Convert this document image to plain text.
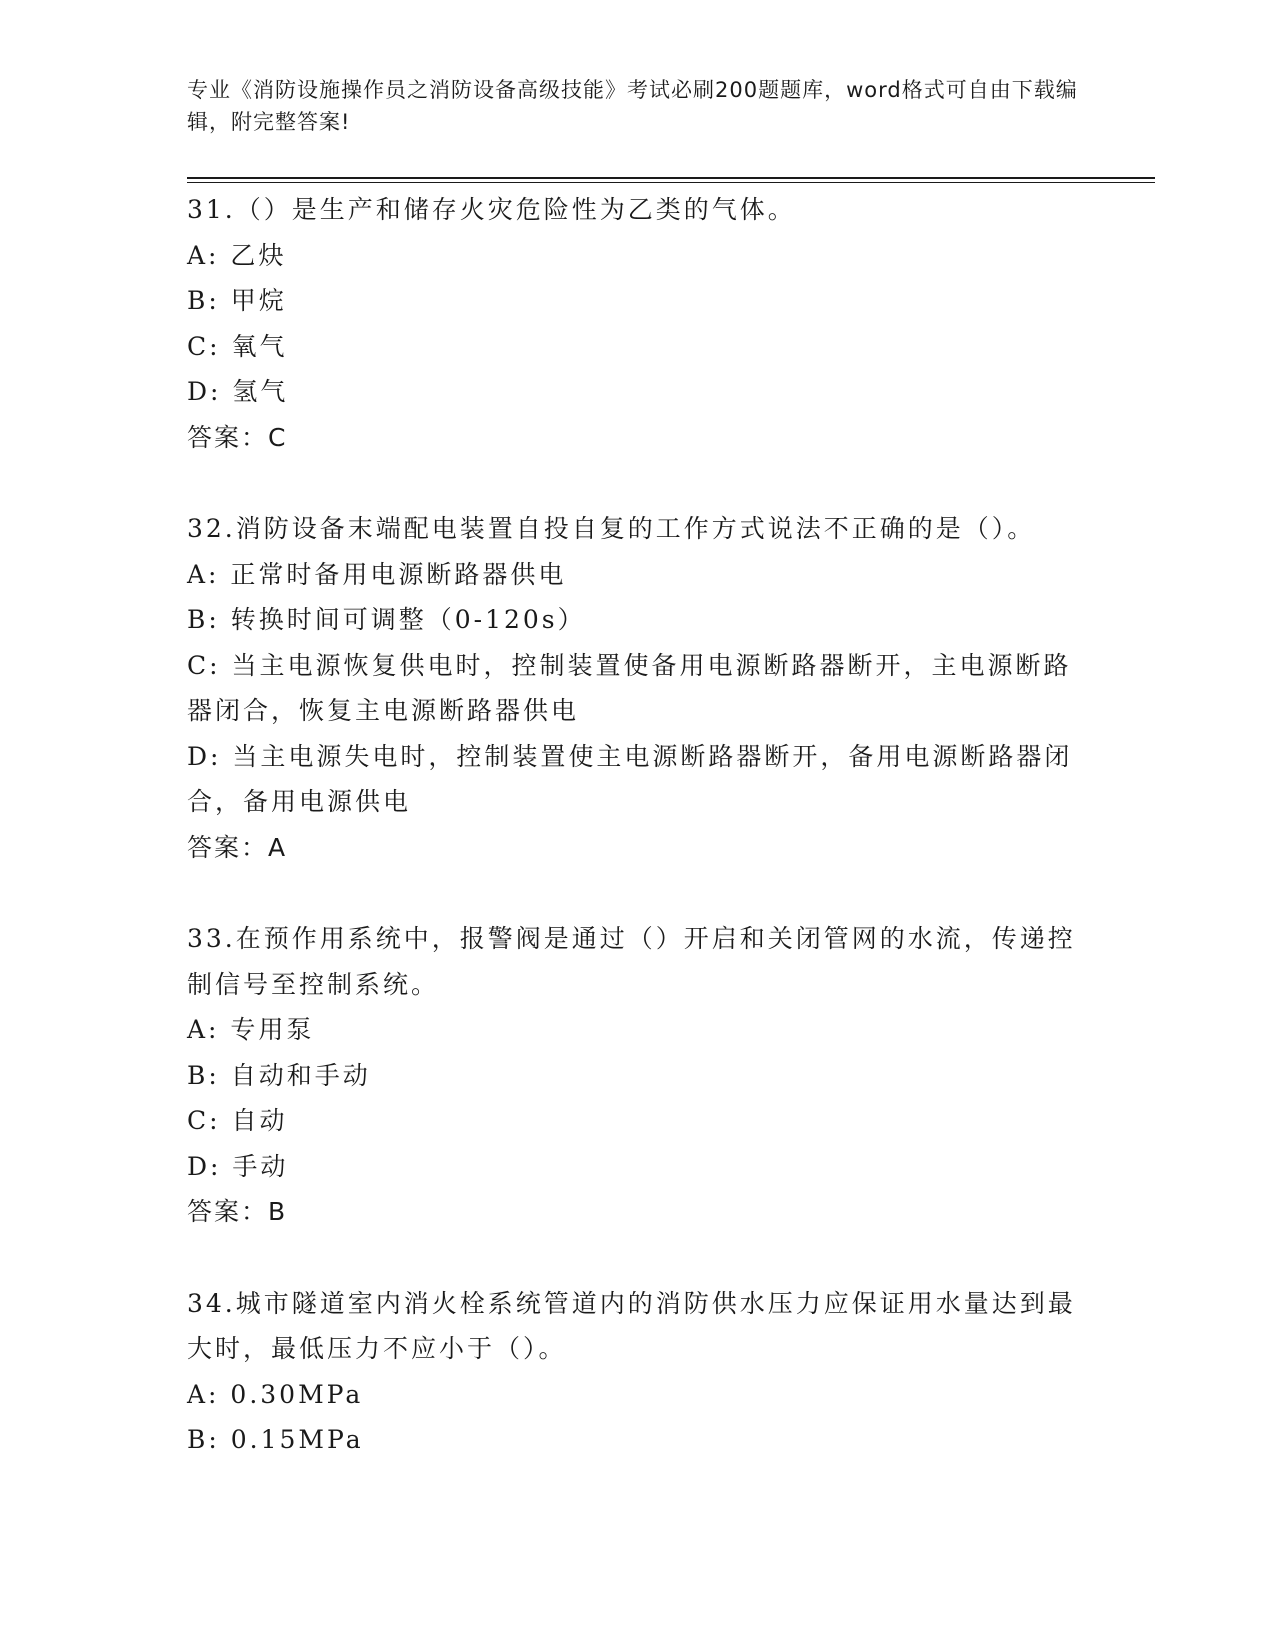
专业《消防设施操作员之消防设备高级技能》考试必刷200题题库，word格式可自由下载编辑，附完整答案!

31.（）是生产和储存火灾危险性为乙类的气体。

A: 乙炔

B: 甲烷

C: 氧气

D: 氢气

答案：C

32.消防设备末端配电装置自投自复的工作方式说法不正确的是（）。

A: 正常时备用电源断路器供电

B: 转换时间可调整（0-120s）

C: 当主电源恢复供电时，控制装置使备用电源断路器断开，主电源断路器闭合，恢复主电源断路器供电

D: 当主电源失电时，控制装置使主电源断路器断开，备用电源断路器闭合，备用电源供电

答案：A

33.在预作用系统中，报警阀是通过（）开启和关闭管网的水流，传递控制信号至控制系统。

A: 专用泵

B: 自动和手动

C: 自动

D: 手动

答案：B

34.城市隧道室内消火栓系统管道内的消防供水压力应保证用水量达到最大时，最低压力不应小于（）。

A: 0.30MPa

B: 0.15MPa
